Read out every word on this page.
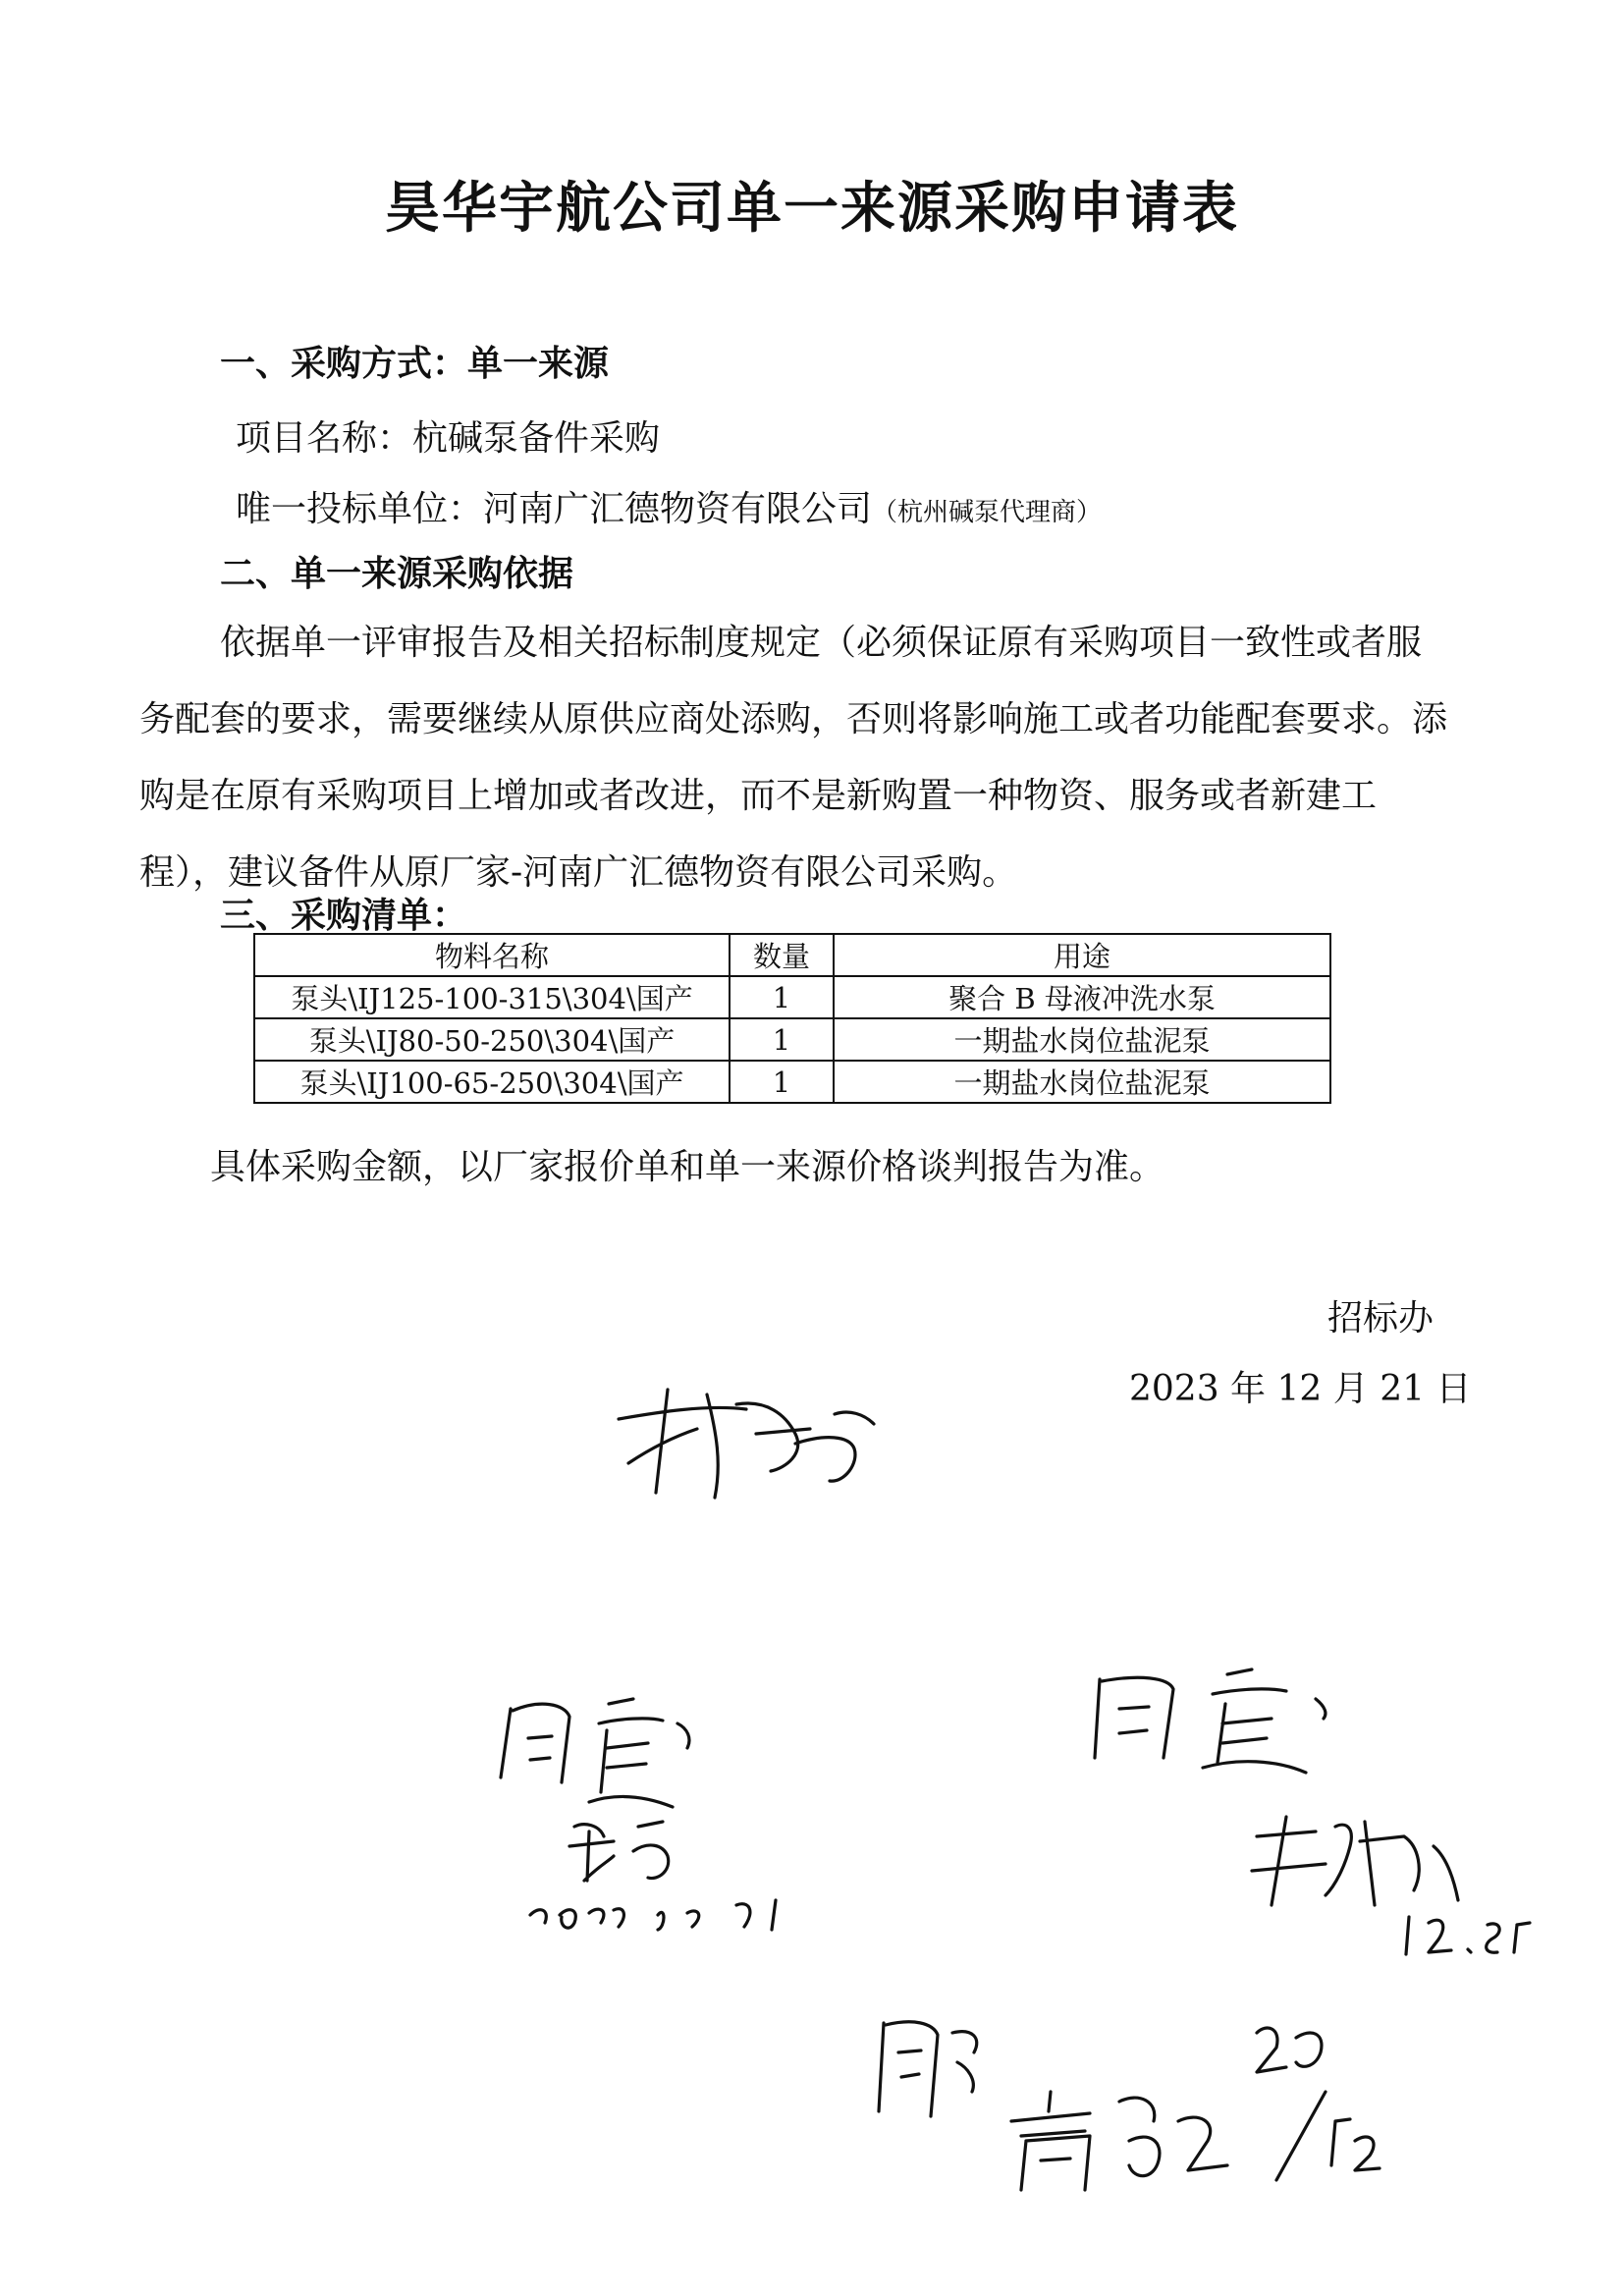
昊华宇航公司单一来源采购申请表
一、采购方式：单一来源
项目名称：杭碱泵备件采购
唯一投标单位：河南广汇德物资有限公司（杭州碱泵代理商）
二、单一来源采购依据
依据单一评审报告及相关招标制度规定（必须保证原有采购项目一致性或者服务配套的要求，需要继续从原供应商处添购，否则将影响施工或者功能配套要求。添购是在原有采购项目上增加或者改进，而不是新购置一种物资、服务或者新建工程），建议备件从原厂家-河南广汇德物资有限公司采购。
三、采购清单：
物料名称	数量	用途
泵头\IJ125-100-315\304\国产	1	聚合 B 母液冲洗水泵
泵头\IJ80-50-250\304\国产	1	一期盐水岗位盐泥泵
泵头\IJ100-65-250\304\国产	1	一期盐水岗位盐泥泵
具体采购金额，以厂家报价单和单一来源价格谈判报告为准。
招标办
2023 年 12 月 21 日
